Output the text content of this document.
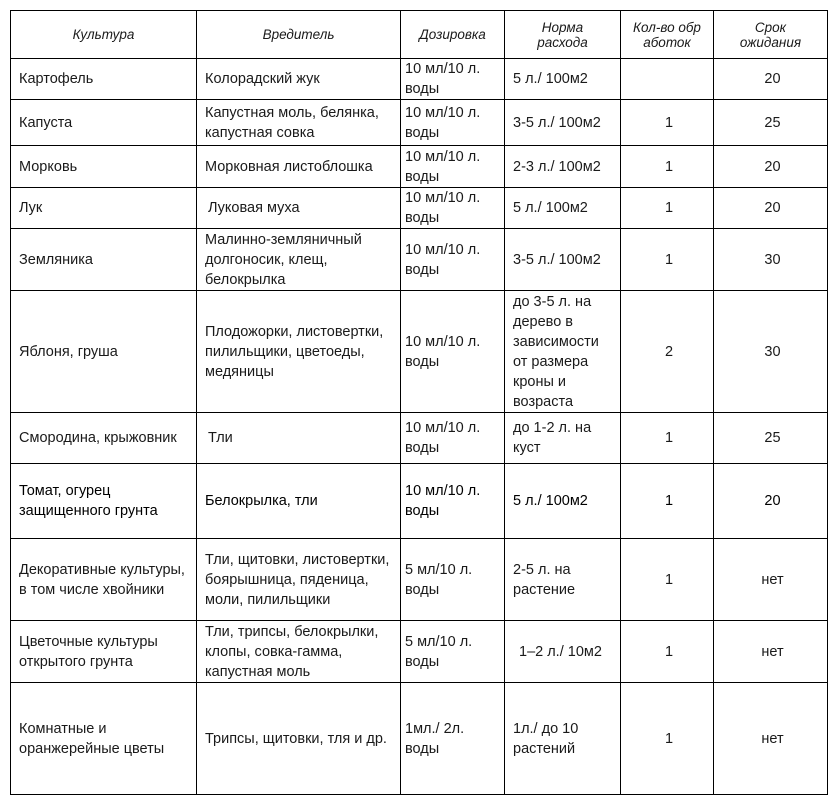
Культура	Вредитель	Дозировка	Норма расхода	Кол-во обработок	Срок ожидания
Картофель	Колорадский жук	10 мл/10 л. воды	5 л./ 100м2		20
Капуста	Капустная моль, белянка, капустная совка	10 мл/10 л. воды	3-5 л./ 100м2	1	25
Морковь	Морковная листоблошка	10 мл/10 л. воды	2-3 л./ 100м2	1	20
Лук	Луковая муха	10 мл/10 л. воды	5 л./ 100м2	1	20
Земляника	Малинно-земляничный долгоносик, клещ, белокрылка	10 мл/10 л. воды	3-5 л./ 100м2	1	30
Яблоня, груша	Плодожорки, листовертки, пилильщики, цветоеды, медяницы	10 мл/10 л. воды	до 3-5 л. на дерево в зависимости от размера кроны и возраста	2	30
Смородина, крыжовник	Тли	10 мл/10 л. воды	до 1-2 л. на куст	1	25
Томат, огурец защищенного грунта	Белокрылка, тли	10 мл/10 л. воды	5 л./ 100м2	1	20
Декоративные культуры, в том числе хвойники	Тли, щитовки, листовертки, боярышница, пяденица, моли, пилильщики	5 мл/10 л. воды	2-5 л. на растение	1	нет
Цветочные культуры открытого грунта	Тли, трипсы, белокрылки, клопы, совка-гамма, капустная моль	5 мл/10 л. воды	1–2 л./ 10м2	1	нет
Комнатные и оранжерейные цветы	Трипсы, щитовки, тля и др.	1мл./ 2л. воды	1л./ до 10 растений	1	нет
